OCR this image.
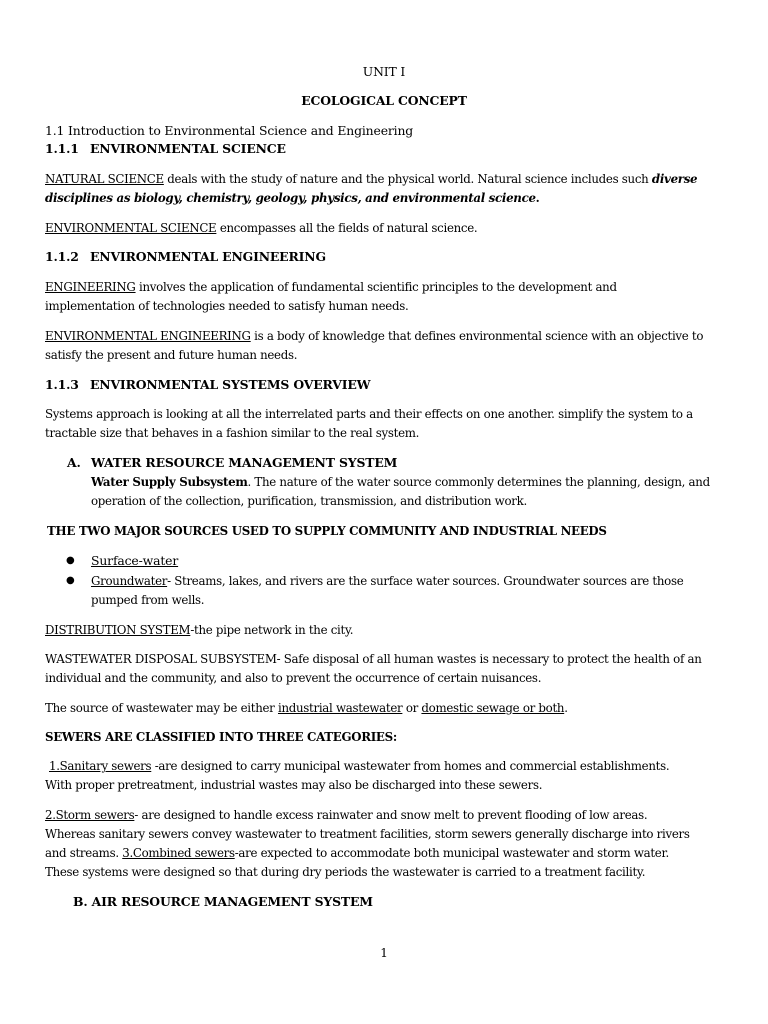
UNIT I
ECOLOGICAL CONCEPT
1.1 Introduction to Environmental Science and Engineering
1.1.1 ENVIRONMENTAL SCIENCE
NATURAL SCIENCE deals with the study of nature and the physical world. Natural science includes such diverse
disciplines as biology, chemistry, geology, physics, and environmental science.
ENVIRONMENTAL SCIENCE encompasses all the fields of natural science.
1.1.2 ENVIRONMENTAL ENGINEERING
ENGINEERING involves the application of fundamental scientific principles to the development and
implementation of technologies needed to satisfy human needs.
ENVIRONMENTAL ENGINEERING is a body of knowledge that defines environmental science with an objective to
satisfy the present and future human needs.
1.1.3 ENVIRONMENTAL SYSTEMS OVERVIEW
Systems approach is looking at all the interrelated parts and their effects on one another. simplify the system to a
tractable size that behaves in a fashion similar to the real system.
A. WATER RESOURCE MANAGEMENT SYSTEM
Water Supply Subsystem. The nature of the water source commonly determines the planning, design, and
operation of the collection, purification, transmission, and distribution work.
THE TWO MAJOR SOURCES USED TO SUPPLY COMMUNITY AND INDUSTRIAL NEEDS
● Surface-water
● Groundwater- Streams, lakes, and rivers are the surface water sources. Groundwater sources are those
pumped from wells.
DISTRIBUTION SYSTEM-the pipe network in the city.
WASTEWATER DISPOSAL SUBSYSTEM- Safe disposal of all human wastes is necessary to protect the health of an
individual and the community, and also to prevent the occurrence of certain nuisances.
The source of wastewater may be either industrial wastewater or domestic sewage or both.
SEWERS ARE CLASSIFIED INTO THREE CATEGORIES:
1.Sanitary sewers -are designed to carry municipal wastewater from homes and commercial establishments.
With proper pretreatment, industrial wastes may also be discharged into these sewers.
2.Storm sewers- are designed to handle excess rainwater and snow melt to prevent flooding of low areas.
Whereas sanitary sewers convey wastewater to treatment facilities, storm sewers generally discharge into rivers
and streams. 3.Combined sewers-are expected to accommodate both municipal wastewater and storm water.
These systems were designed so that during dry periods the wastewater is carried to a treatment facility.
B. AIR RESOURCE MANAGEMENT SYSTEM
1
